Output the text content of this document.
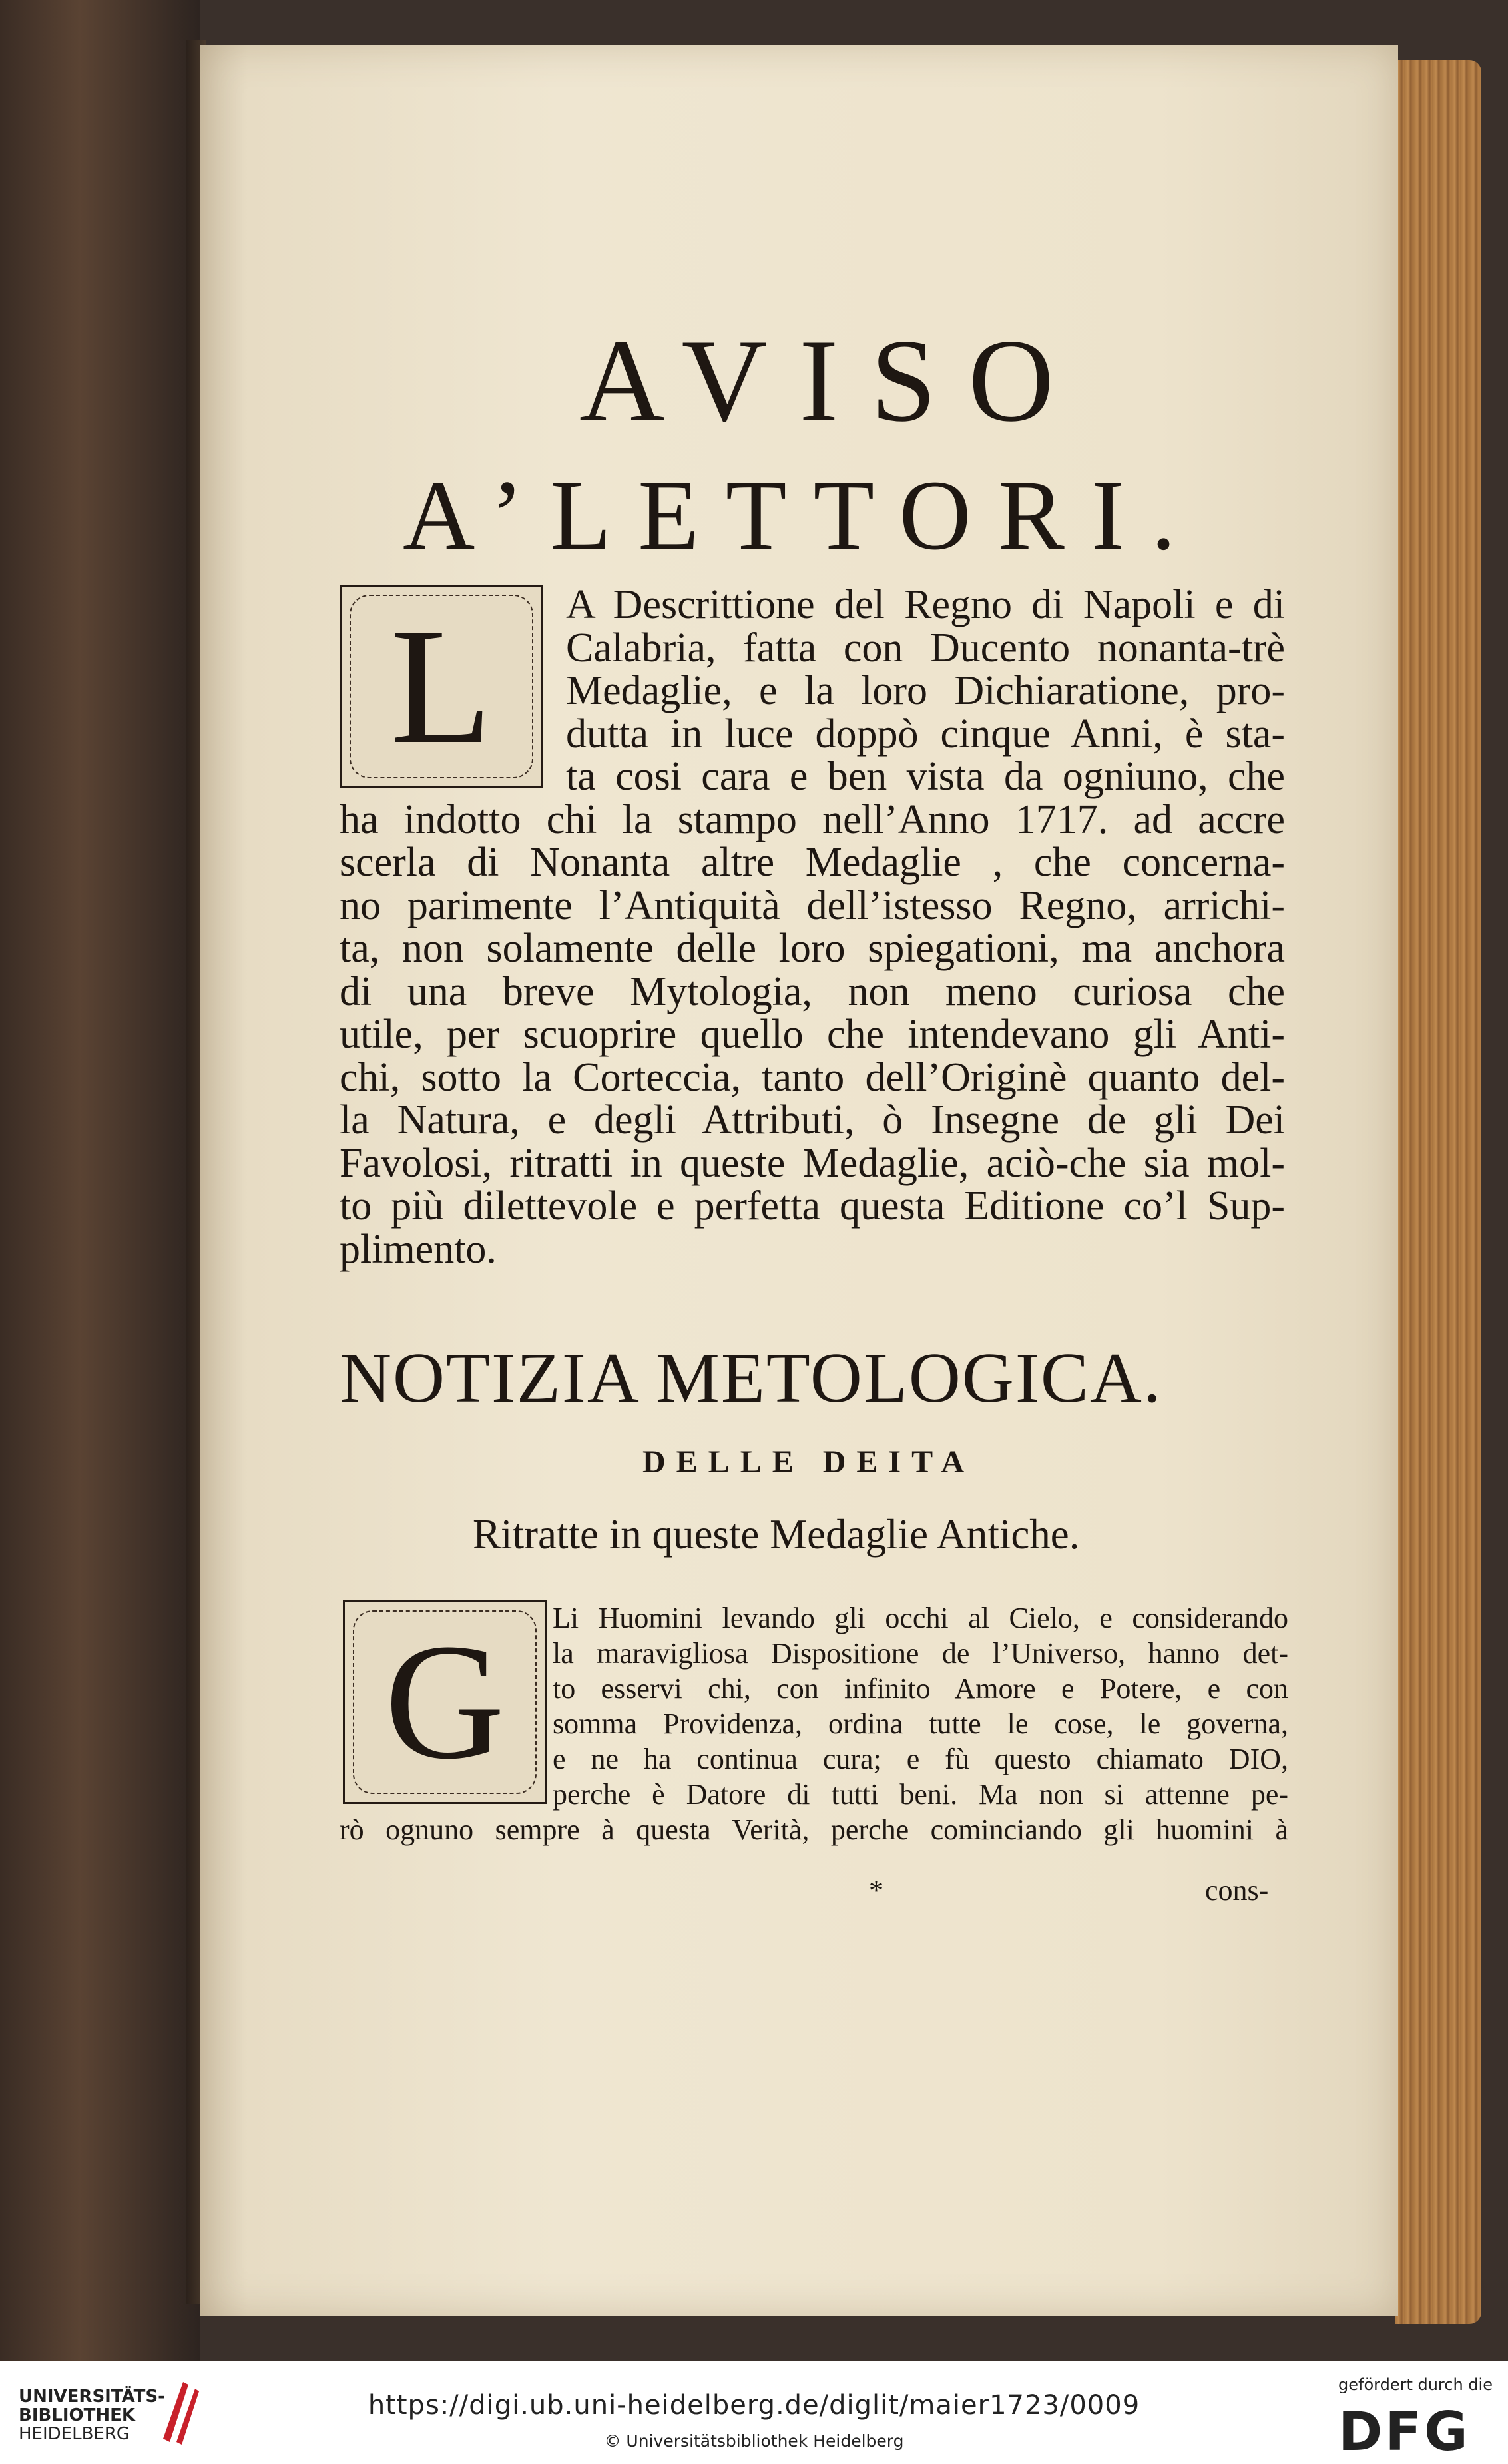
AVISO
A’LETTORI.
L	A Descrittione del Regno di Napoli e di
Calabria, fatta con Ducento nonanta-trè
Medaglie, e la loro Dichiaratione, pro-
dutta in luce doppò cinque Anni, è sta-
ta cosi cara e ben vista da ogniuno, che
ha indotto chi la stampo nell’Anno 1717. ad accre
scerla di Nonanta altre Medaglie , che concerna-
no parimente l’Antiquità dell’istesso Regno, arrichi-
ta, non solamente delle loro spiegationi, ma anchora
di una breve Mytologia, non meno curiosa che
utile, per scuoprire quello che intendevano gli Anti-
chi, sotto la Corteccia, tanto dell’Originè quanto del-
la Natura, e degli Attributi, ò Insegne de gli Dei
Favolosi, ritratti in queste Medaglie, aciò-che sia mol-
to più dilettevole e perfetta questa Editione co’l Sup-
plimento.
NOTIZIA METOLOGICA.
DELLE DEITA
Ritratte in queste Medaglie Antiche.
G	Li Huomini levando gli occhi al Cielo, e considerando
la maravigliosa Dispositione de l’Universo, hanno det-
to esservi chi, con infinito Amore e Potere, e con
somma Providenza, ordina tutte le cose, le governa,
e ne ha continua cura; e fù questo chiamato DIO,
perche è Datore di tutti beni. Ma non si attenne pe-
rò ognuno sempre à questa Verità, perche cominciando gli huomini à
*	cons-
UNIVERSITÄTS-
BIBLIOTHEK
HEIDELBERG
https://digi.ub.uni-heidelberg.de/diglit/maier1723/0009
© Universitätsbibliothek Heidelberg
gefördert durch die
DFG
